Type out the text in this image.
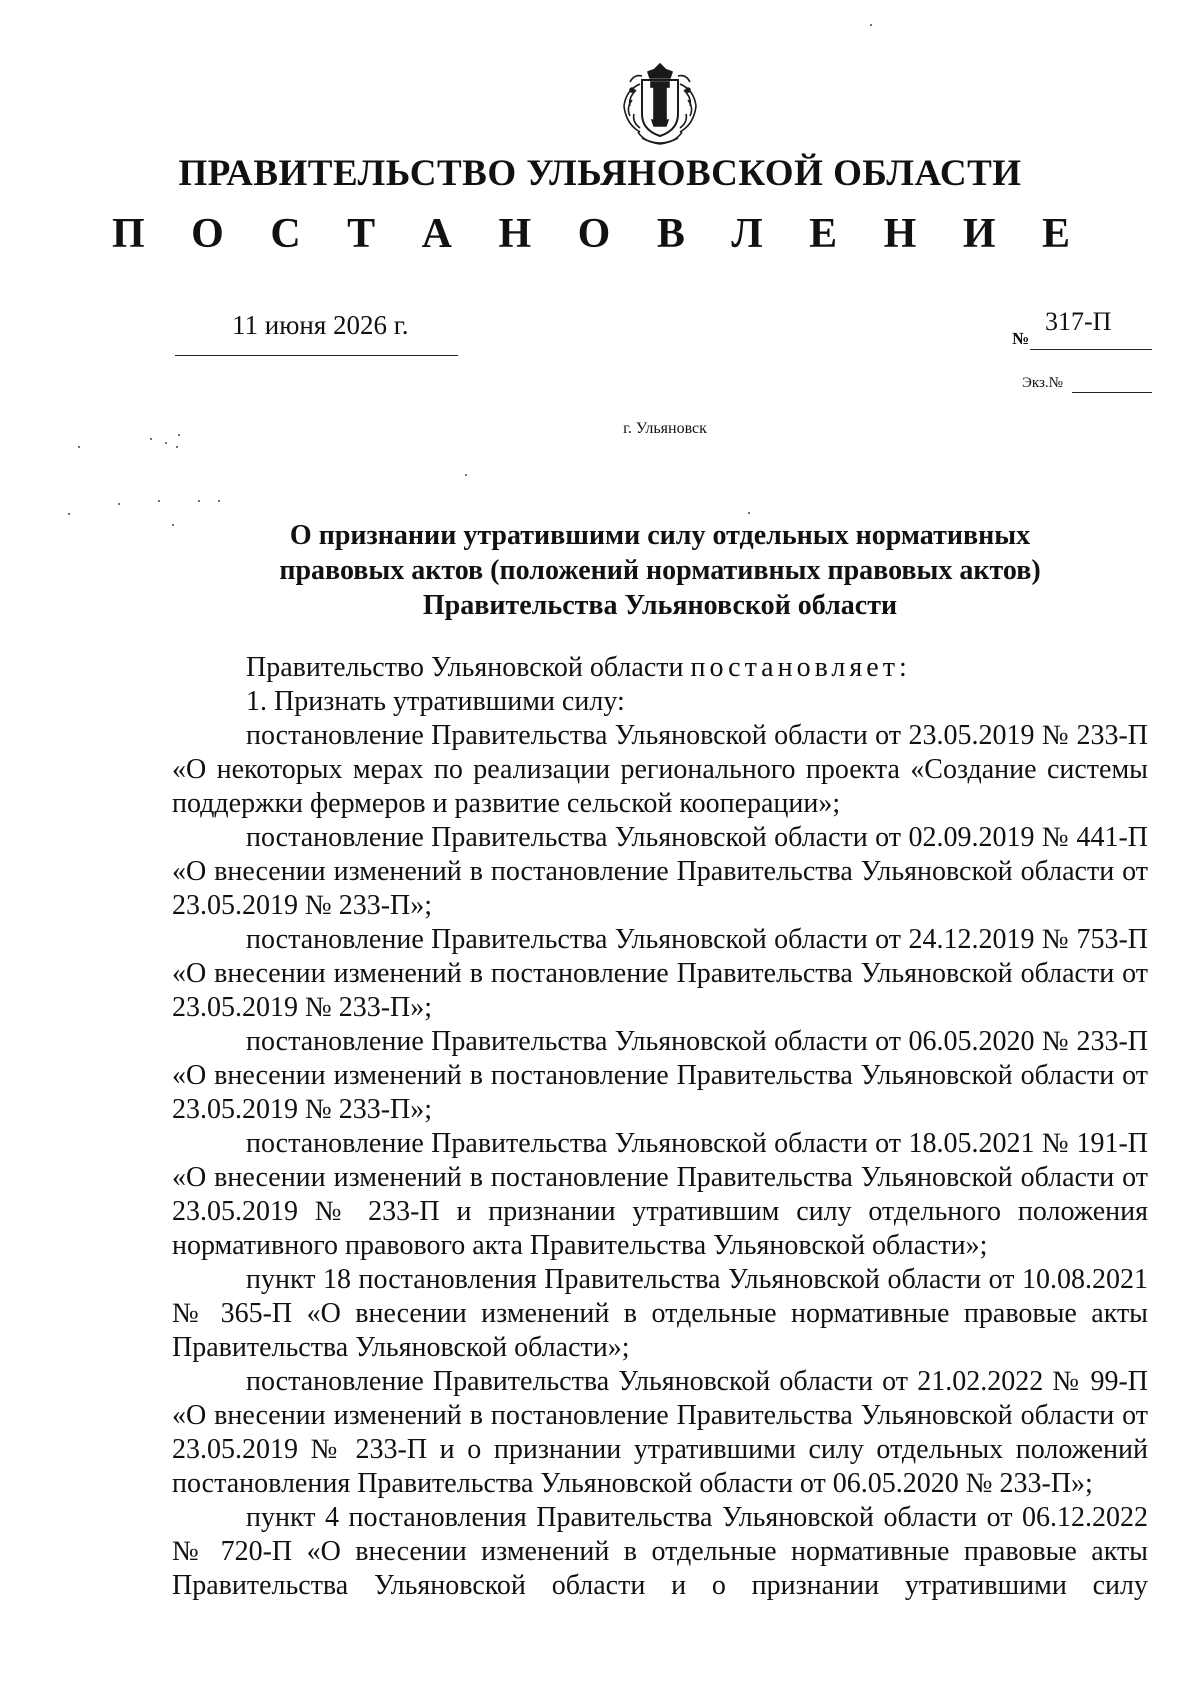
ПРАВИТЕЛЬСТВО УЛЬЯНОВСКОЙ ОБЛАСТИ
П О С Т А Н О В Л Е Н И Е
11 июня 2026 г.	№
317-П
Экз.№
г. Ульяновск
О признании утратившими силу отдельных нормативных
правовых актов (положений нормативных правовых актов)
Правительства Ульяновской области

Правительство Ульяновской области постановляет:

1. Признать утратившими силу:

постановление Правительства Ульяновской области от 23.05.2019 № 233-П «О некоторых мерах по реализации регионального проекта «Создание системы поддержки фермеров и развитие сельской кооперации»;

постановление Правительства Ульяновской области от 02.09.2019 № 441-П «О внесении изменений в постановление Правительства Ульяновской области от 23.05.2019 № 233-П»;

постановление Правительства Ульяновской области от 24.12.2019 № 753-П «О внесении изменений в постановление Правительства Ульяновской области от 23.05.2019 № 233-П»;

постановление Правительства Ульяновской области от 06.05.2020 № 233-П «О внесении изменений в постановление Правительства Ульяновской области от 23.05.2019 № 233-П»;

постановление Правительства Ульяновской области от 18.05.2021 № 191-П «О внесении изменений в постановление Правительства Ульяновской области от 23.05.2019 № 233-П и признании утратившим силу отдельного положения нормативного правового акта Правительства Ульяновской области»;

пункт 18 постановления Правительства Ульяновской области от 10.08.2021 № 365-П «О внесении изменений в отдельные нормативные правовые акты Правительства Ульяновской области»;

постановление Правительства Ульяновской области от 21.02.2022 № 99-П «О внесении изменений в постановление Правительства Ульяновской области от 23.05.2019 № 233-П и о признании утратившими силу отдельных положений постановления Правительства Ульяновской области от 06.05.2020 № 233-П»;

пункт 4 постановления Правительства Ульяновской области от 06.12.2022 № 720-П «О внесении изменений в отдельные нормативные правовые акты Правительства Ульяновской области и о признании утратившими силу
